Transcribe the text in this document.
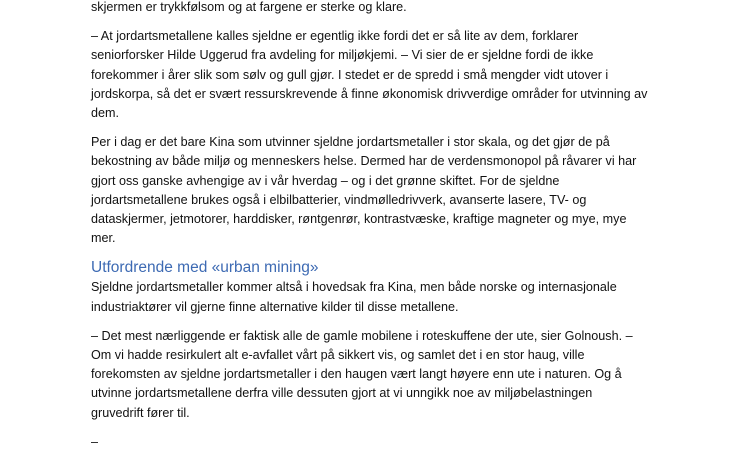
skjermen er trykkfølsom og at fargene er sterke og klare.

– At jordartsmetallene kalles sjeldne er egentlig ikke fordi det er så lite av dem, forklarer
seniorforsker Hilde Uggerud fra avdeling for miljøkjemi. – Vi sier de er sjeldne fordi de ikke
forekommer i årer slik som sølv og gull gjør. I stedet er de spredd i små mengder vidt utover i
jordskorpa, så det er svært ressurskrevende å finne økonomisk drivverdige områder for utvinning av
dem.

Per i dag er det bare Kina som utvinner sjeldne jordartsmetaller i stor skala, og det gjør de på
bekostning av både miljø og menneskers helse. Dermed har de verdensmonopol på råvarer vi har
gjort oss ganske avhengige av i vår hverdag – og i det grønne skiftet. For de sjeldne
jordartsmetallene brukes også i elbilbatterier, vindmølledrivverk, avanserte lasere, TV- og
dataskjermer, jetmotorer, harddisker, røntgenrør, kontrastvæske, kraftige magneter og mye, mye
mer.

Utfordrende med «urban mining»

Sjeldne jordartsmetaller kommer altså i hovedsak fra Kina, men både norske og internasjonale
industriaktører vil gjerne finne alternative kilder til disse metallene.

– Det mest nærliggende er faktisk alle de gamle mobilene i roteskuffene der ute, sier Golnoush. –
Om vi hadde resirkulert alt e-avfallet vårt på sikkert vis, og samlet det i en stor haug, ville
forekomsten av sjeldne jordartsmetaller i den haugen vært langt høyere enn ute i naturen. Og å
utvinne jordartsmetallene derfra ville dessuten gjort at vi unngikk noe av miljøbelastningen
gruvedrift fører til.

–
